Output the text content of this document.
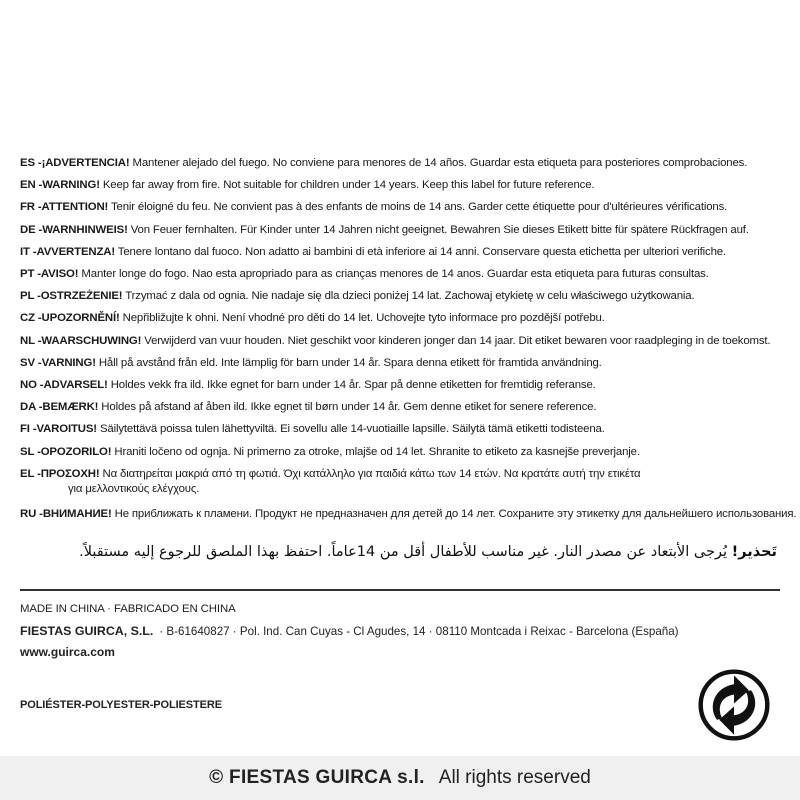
ES -¡ADVERTENCIA! Mantener alejado del fuego. No conviene para menores de 14 años. Guardar esta etiqueta para posteriores comprobaciones.
EN -WARNING! Keep far away from fire. Not suitable for children under 14 years. Keep this label for future reference.
FR -ATTENTION! Tenir éloigné du feu. Ne convient pas à des enfants de moins de 14 ans. Garder cette étiquette pour d'ultérieures vérifications.
DE -WARNHINWEIS! Von Feuer fernhalten. Für Kinder unter 14 Jahren nicht geeignet. Bewahren Sie dieses Etikett bitte für spätere Rückfragen auf.
IT -AVVERTENZA! Tenere lontano dal fuoco. Non adatto ai bambini di età inferiore ai 14 anni. Conservare questa etichetta per ulteriori verifiche.
PT -AVISO! Manter longe do fogo. Nao esta apropriado para as crianças menores de 14 anos. Guardar esta etiqueta para futuras consultas.
PL -OSTRZEŻENIE! Trzymać z dala od ognia. Nie nadaje się dla dzieci poniżej 14 lat. Zachowaj etykietę w celu właściwego użytkowania.
CZ -UPOZORNĚNÍ! Nepřibližujte k ohni. Není vhodné pro děti do 14 let. Uchovejte tyto informace pro pozdější potřebu.
NL -WAARSCHUWING! Verwijderd van vuur houden. Niet geschikt voor kinderen jonger dan 14 jaar. Dit etiket bewaren voor raadpleging in de toekomst.
SV -VARNING! Håll på avstånd från eld. Inte lämplig för barn under 14 år. Spara denna etikett för framtida användning.
NO -ADVARSEL! Holdes vekk fra ild. Ikke egnet for barn under 14 år. Spar på denne etiketten for fremtidig referanse.
DA -BEMÆRK! Holdes på afstand af åben ild. Ikke egnet til børn under 14 år. Gem denne etiket for senere reference.
FI -VAROITUS! Säilytettävä poissa tulen lähettyviltä. Ei sovellu alle 14-vuotiaille lapsille. Säilytä tämä etiketti todisteena.
SL -OPOZORILO! Hraniti ločeno od ognja. Ni primerno za otroke, mlajše od 14 let. Shranite to etiketo za kasnejše preverjanje.
EL -ΠΡΟΣΟΧΗ! Να διατηρείται μακριά από τη φωτιά. Όχι κατάλληλο για παιδιά κάτω των 14 ετών. Να κρατάτε αυτή την ετικέτα
για μελλοντικούς ελέγχους.
RU -ВНИМАНИЕ! Не приближать к пламени. Продукт не предназначен для детей до 14 лет. Сохраните эту этикетку для дальнейшего использования.
تَحذير! يُرجى الأبتعاد عن مصدر النار. غير مناسب للأطفال أقل من 14عاماً. احتفظ بهذا الملصق للرجوع إليه مستقبلاً.
MADE IN CHINA · FABRICADO EN CHINA
FIESTAS GUIRCA, S.L. · B-61640827 · Pol. Ind. Can Cuyas - Cl Agudes, 14 · 08110 Montcada i Reixac - Barcelona (España)
www.guirca.com
POLIÉSTER-POLYESTER-POLIESTERE
© FIESTAS GUIRCA s.l. All rights reserved
